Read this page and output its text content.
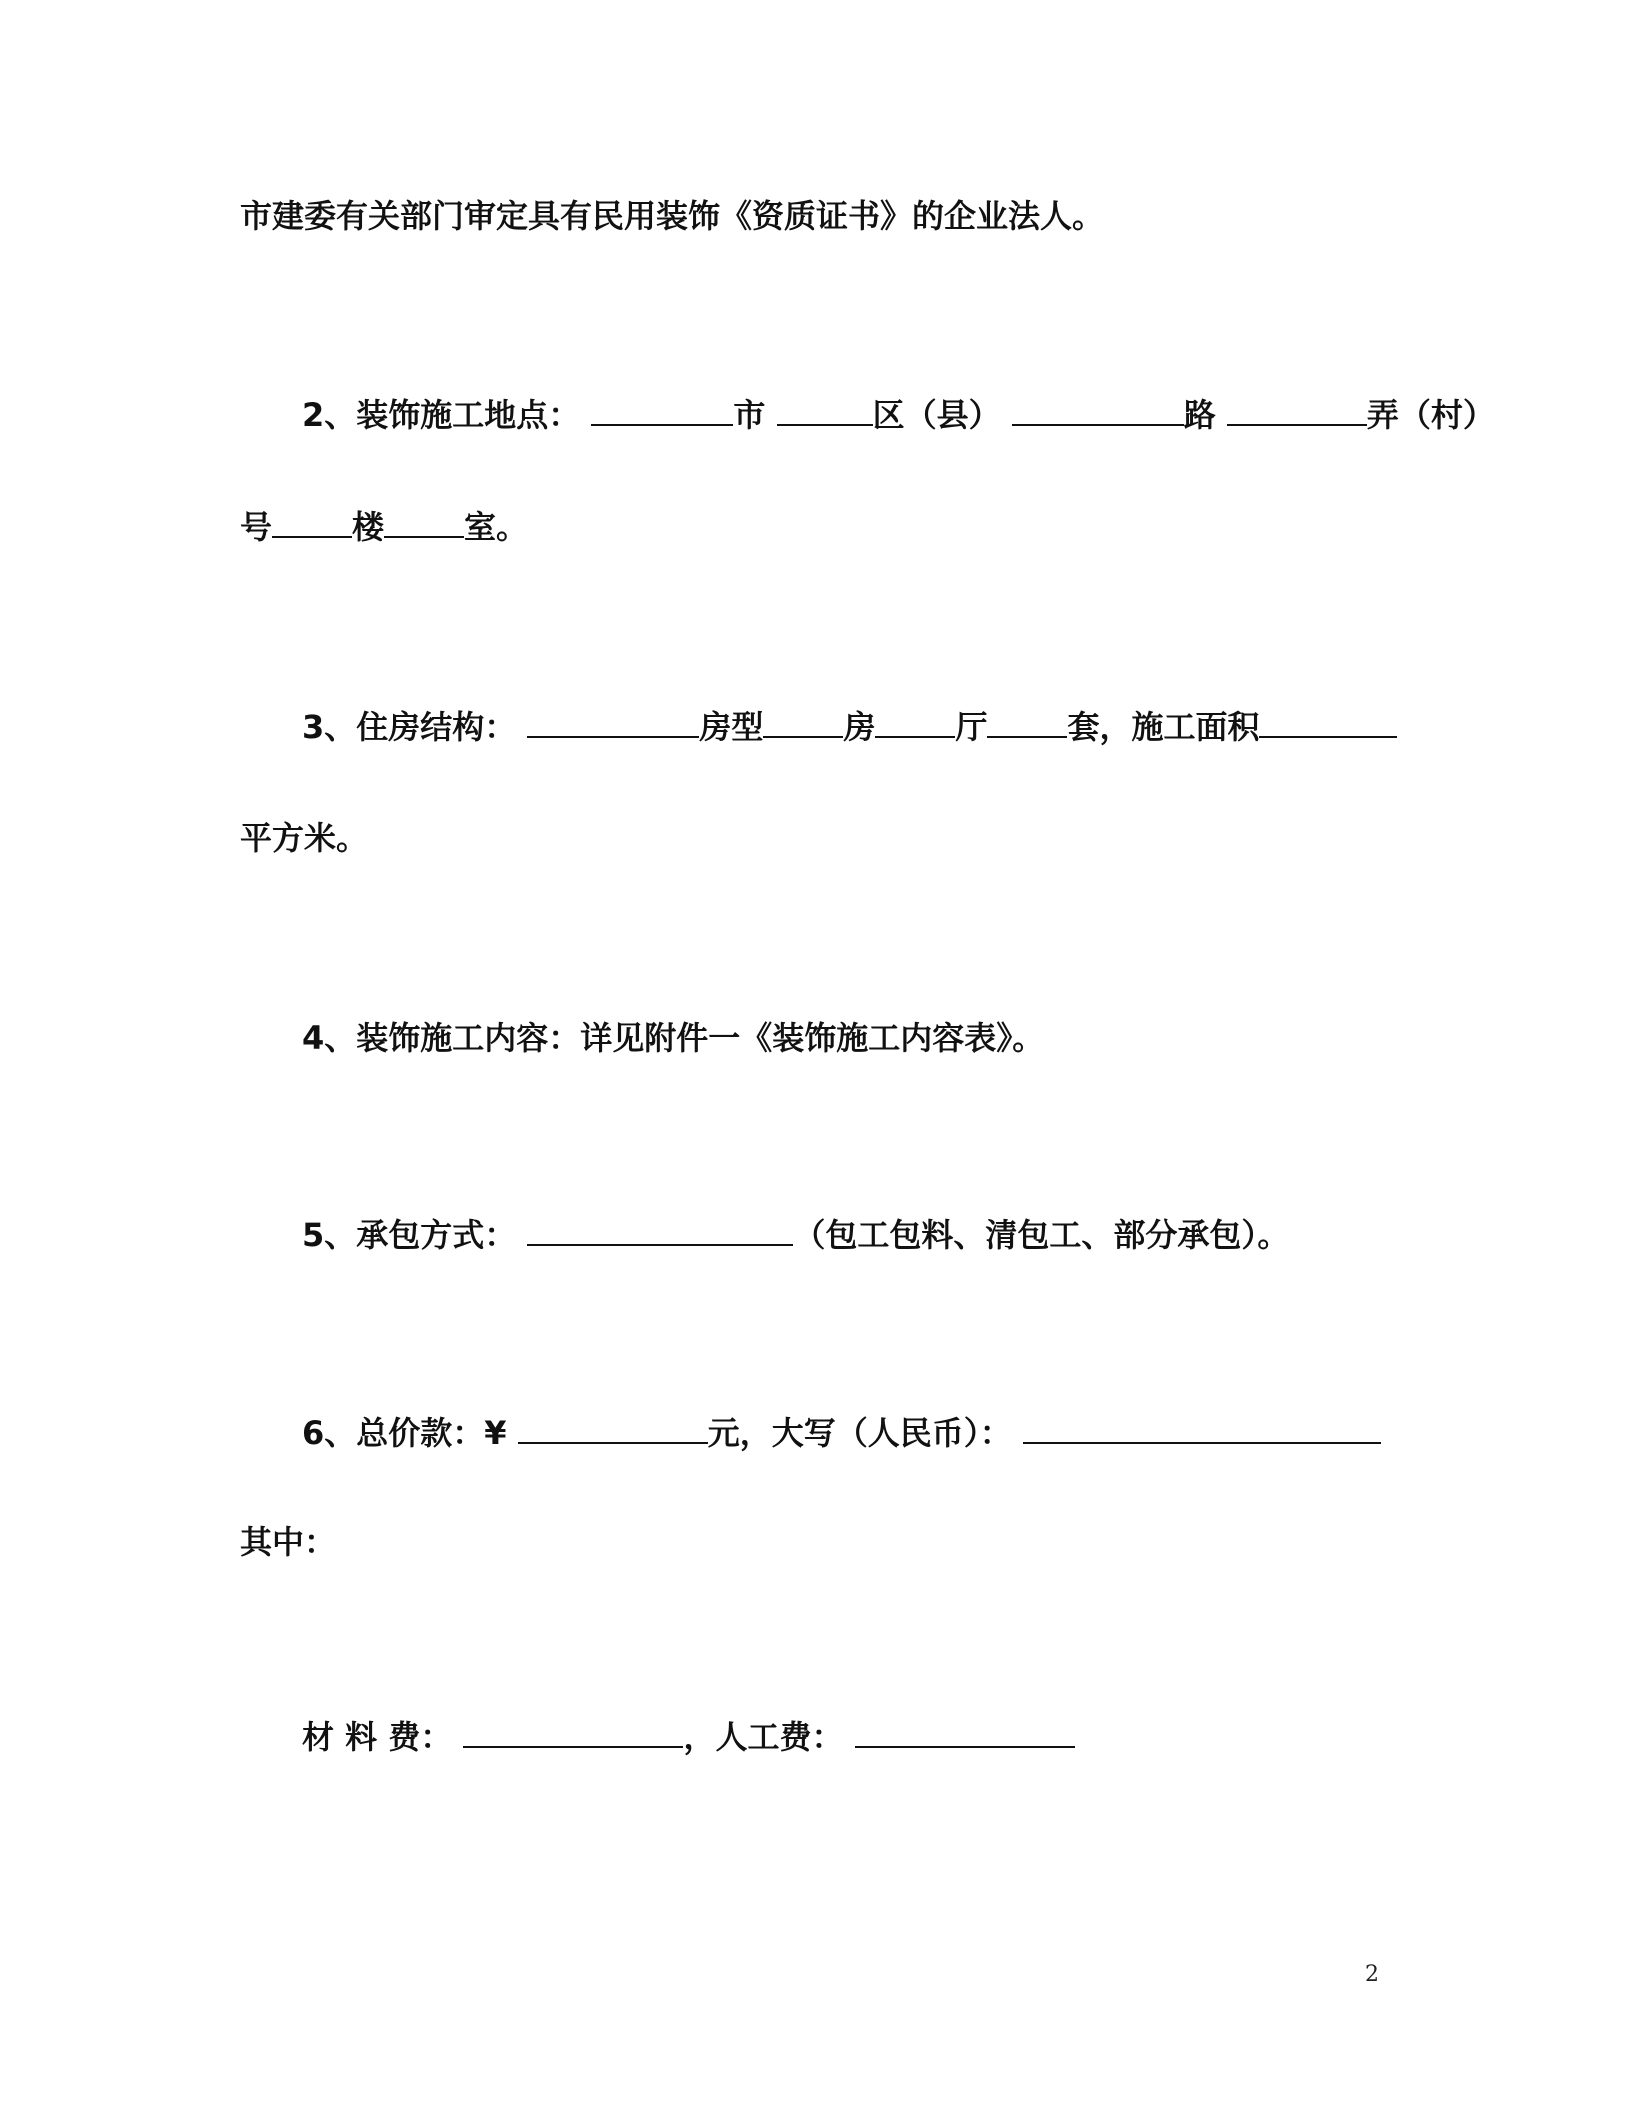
市建委有关部门审定具有民用装饰《资质证书》的企业法人。
2、装饰施工地点：	市	区（县）	路	弄（村）
号	楼	室。
3、住房结构：	房型	房	厅	套，施工面积
平方米。
4、装饰施工内容：详见附件一《装饰施工内容表》。
5、承包方式：	（包工包料、清包工、部分承包）。
6、总价款：¥	元，大写（人民币）：
其中：
材 料 费：	，人工费：
2
